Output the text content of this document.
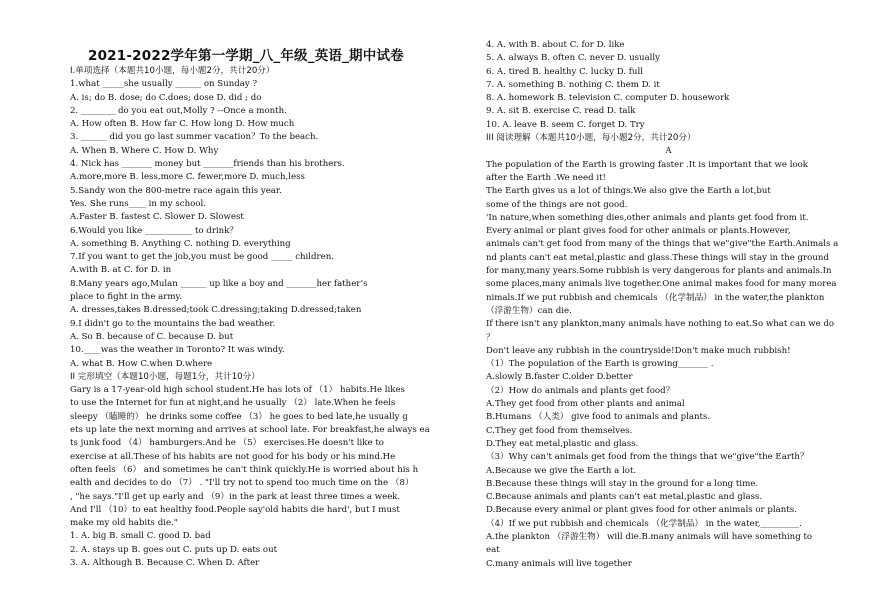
2021-2022学年第一学期_八_年级_英语_期中试卷
I.单项选择（本题共10小题，每小题2分，共计20分）
1.what _____she usually ______ on Sunday ?
A. is; do B. dose; do C.does; dose D. did ; do
2. ________ do you eat out,Molly ? --Once a month.
A. How often B. How far C. How long D. How much
3. ______ did you go last summer vacation？To the beach.
A. When B. Where C. How D. Why
4. Nick has _______ money but _______friends than his brothers.
A.more,more B. less,more C. fewer,more D. much,less
5.Sandy won the 800-metre race again this year.
Yes. She runs____ in my school.
A.Faster B. fastest C. Slower D. Slowest
6.Would you like ___________ to drink？
A. something B. Anything C. nothing D. everything
7.If you want to get the job,you must be good _____ children.
A.with B. at C. for D. in
8.Many years ago,Mulan ______ up like a boy and _______her father’s
place to fight in the army.
A. dresses,takes B.dressed;took C.dressing;taking D.dressed;taken
9.I didn't go to the mountains the bad weather.
A. So B. because of C. because D. but
10.____was the weather in Toronto? It was windy.
A. what B. How C.when D.where
II 完形填空（本题10小题，每题1分，共计10分）
Gary is a 17-year-old high school student.He has lots of （1） habits.He likes
to use the Internet for fun at night,and he usually （2） late.When he feels
sleepy （瞌睡的） he drinks some coffee （3） he goes to bed late,he usually g
ets up late the next morning and arrives at school late. For breakfast,he always ea
ts junk food （4） hamburgers.And he （5） exercises.He doesn't like to
exercise at all.These of his habits are not good for his body or his mind.He
often feels （6） and sometimes he can't think quickly.He is worried about his h
ealth and decides to do （7） . "I'll try not to spend too much time on the （8）
, "he says."I'll get up early and （9）in the park at least three times a week.
And I'll （10）to eat healthy food.People say'old habits die hard', but I must
make my old habits die."
1. A. big B. small C. good D. bad
2. A. stays up B. goes out C. puts up D. eats out
3. A. Although B. Because C. When D. After
4. A. with B. about C. for D. like
5. A. always B. often C. never D. usually
6. A. tired B. healthy C. lucky D. full
7. A. something B. nothing C. them D. it
8. A. homework B. television C. computer D. housework
9. A. sit B. exercise C. read D. talk
10. A. leave B. seem C. forget D. Try
III 阅读理解（本题共10小题，每小题2分，共计20分）
A
The population of the Earth is growing faster .It is important that we look
after the Earth .We need it!
The Earth gives us a lot of things.We also give the Earth a lot,but
some of the things are not good.
'In nature,when something dies,other animals and plants get food from it.
Every animal or plant gives food for other animals or plants.However,
animals can't get food from many of the things that we"give"the Earth.Animals a
nd plants can't eat metal,plastic and glass.These things will stay in the ground
for many,many years.Some rubbish is very dangerous for plants and animals.In
some places,many animals live together.One animal makes food for many morea
nimals.If we put rubbish and chemicals （化学制品） in the water,the plankton
（浮游生物）can die.
If there isn't any plankton,many animals have nothing to eat.So what can we do
？
Don't leave any rubbish in the countryside!Don't make much rubbish!
（1）The population of the Earth is growing_______ .
A.slowly B.faster C.older D.better
（2）How do animals and plants get food？
A.They get food from other plants and animal
B.Humans （人类） give food to animals and plants.
C.They get food from themselves.
D.They eat metal,plastic and glass.
（3）Why can't animals get food from the things that we"give"the Earth？
A.Because we give the Earth a lot.
B.Because these things will stay in the ground for a long time.
C.Because animals and plants can't eat metal,plastic and glass.
D.Because every animal or plant gives food for other animals or plants.
（4）If we put rubbish and chemicals （化学制品） in the water,_________.
A.the plankton （浮游生物） will die.B.many animals will have something to
eat
C.many animals will live together
